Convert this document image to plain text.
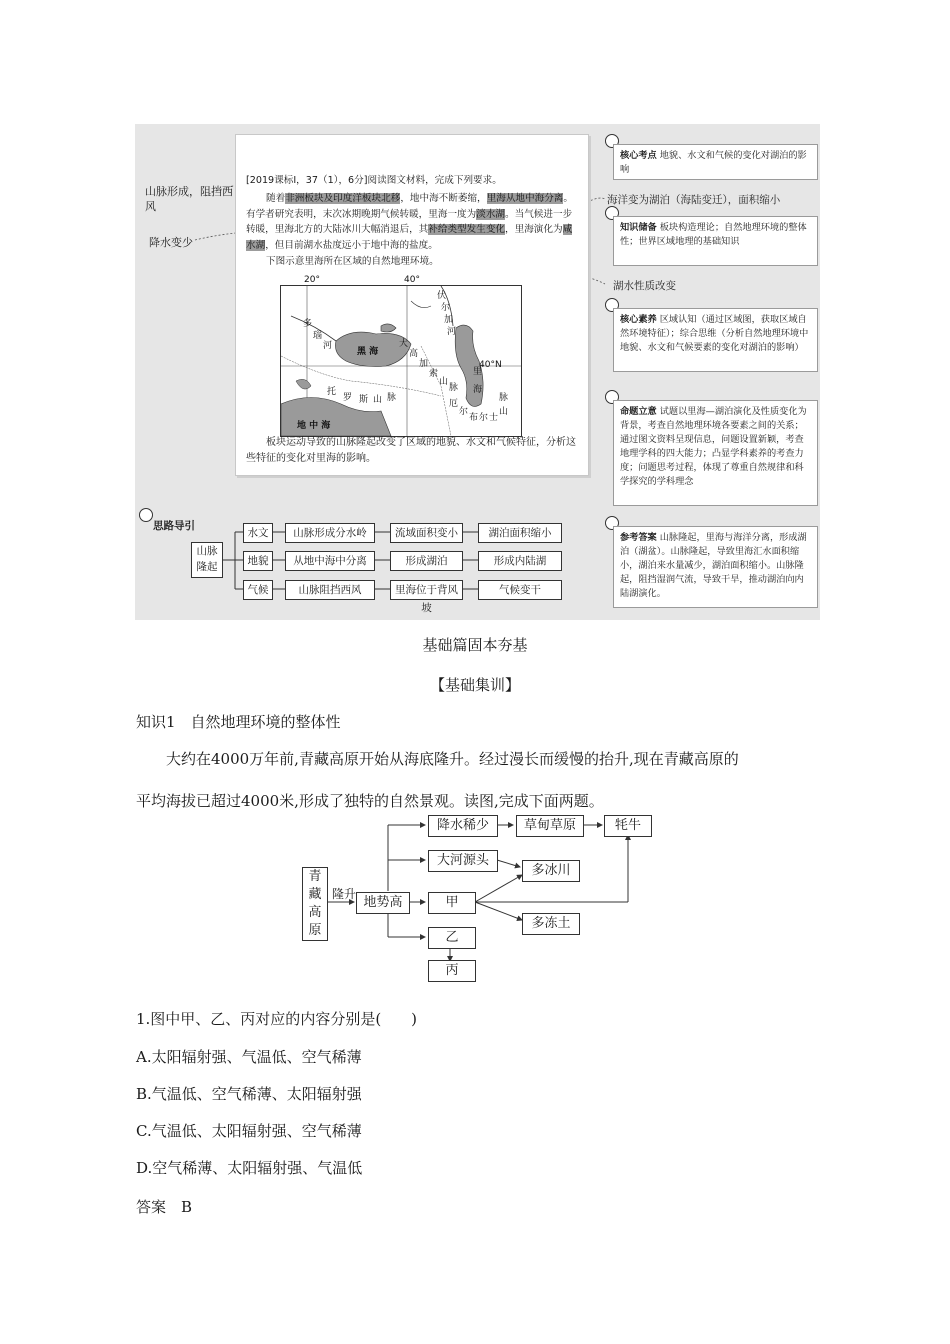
山脉形成，阻挡西风
降水变少
[2019课标Ⅰ，37（1），6分]阅读图文材料，完成下列要求。
随着非洲板块及印度洋板块北移，地中海不断萎缩，里海从地中海分离。有学者研究表明，末次冰期晚期气候转暖，里海一度为淡水湖。当气候进一步转暖，里海北方的大陆冰川大幅消退后，其补给类型发生变化，里海演化为咸水湖，但目前湖水盐度远小于地中海的盐度。
下图示意里海所在区域的自然地理环境。
20°	40°
多
瑙
河
黑 海
大
高
加
索
山
脉
伏
尔
加
河
里
海
托
罗 斯 山 脉
厄
尔
布 尔 士
山
脉
40°N
地 中 海
板块运动导致的山脉隆起改变了区域的地貌、水文和气候特征，分析这些特征的变化对里海的影响。
海洋变为湖泊（海陆变迁），面积缩小
湖水性质改变
核心考点 地貌、水文和气候的变化对湖泊的影响
知识储备 板块构造理论；自然地理环境的整体性；世界区域地理的基础知识
核心素养 区域认知（通过区域图，获取区域自然环境特征）；综合思维（分析自然地理环境中地貌、水文和气候要素的变化对湖泊的影响）
命题立意 试题以里海—湖泊演化及性质变化为背景，考查自然地理环境各要素之间的关系；通过图文资料呈现信息，问题设置新颖，考查地理学科的四大能力；凸显学科素养的考查力度；问题思考过程，体现了尊重自然规律和科学探究的学科理念
参考答案 山脉隆起，里海与海洋分离，形成湖泊（湖盆）。山脉隆起，导致里海汇水面积缩小，湖泊来水量减少，湖泊面积缩小。山脉隆起，阻挡湿润气流，导致干旱，推动湖泊向内陆湖演化。
思路导引
山脉隆起
水文	山脉形成分水岭	流域面积变小	湖泊面积缩小
地貌	从地中海中分离	形成湖泊	形成内陆湖
气候	山脉阻挡西风	里海位于背风坡
气候变干
基础篇固本夯基
【基础集训】
知识1　自然地理环境的整体性
大约在4000万年前,青藏高原开始从海底隆升。经过漫长而缓慢的抬升,现在青藏高原的
平均海拔已超过4000米,形成了独特的自然景观。读图,完成下面两题。
青藏高原
隆升
地势高
降水稀少	草甸草原	牦牛
大河源头
多冰川
甲
多冻土
乙
丙
1.图中甲、乙、丙对应的内容分别是(　　)
A.太阳辐射强、气温低、空气稀薄
B.气温低、空气稀薄、太阳辐射强
C.气温低、太阳辐射强、空气稀薄
D.空气稀薄、太阳辐射强、气温低
答案　B
